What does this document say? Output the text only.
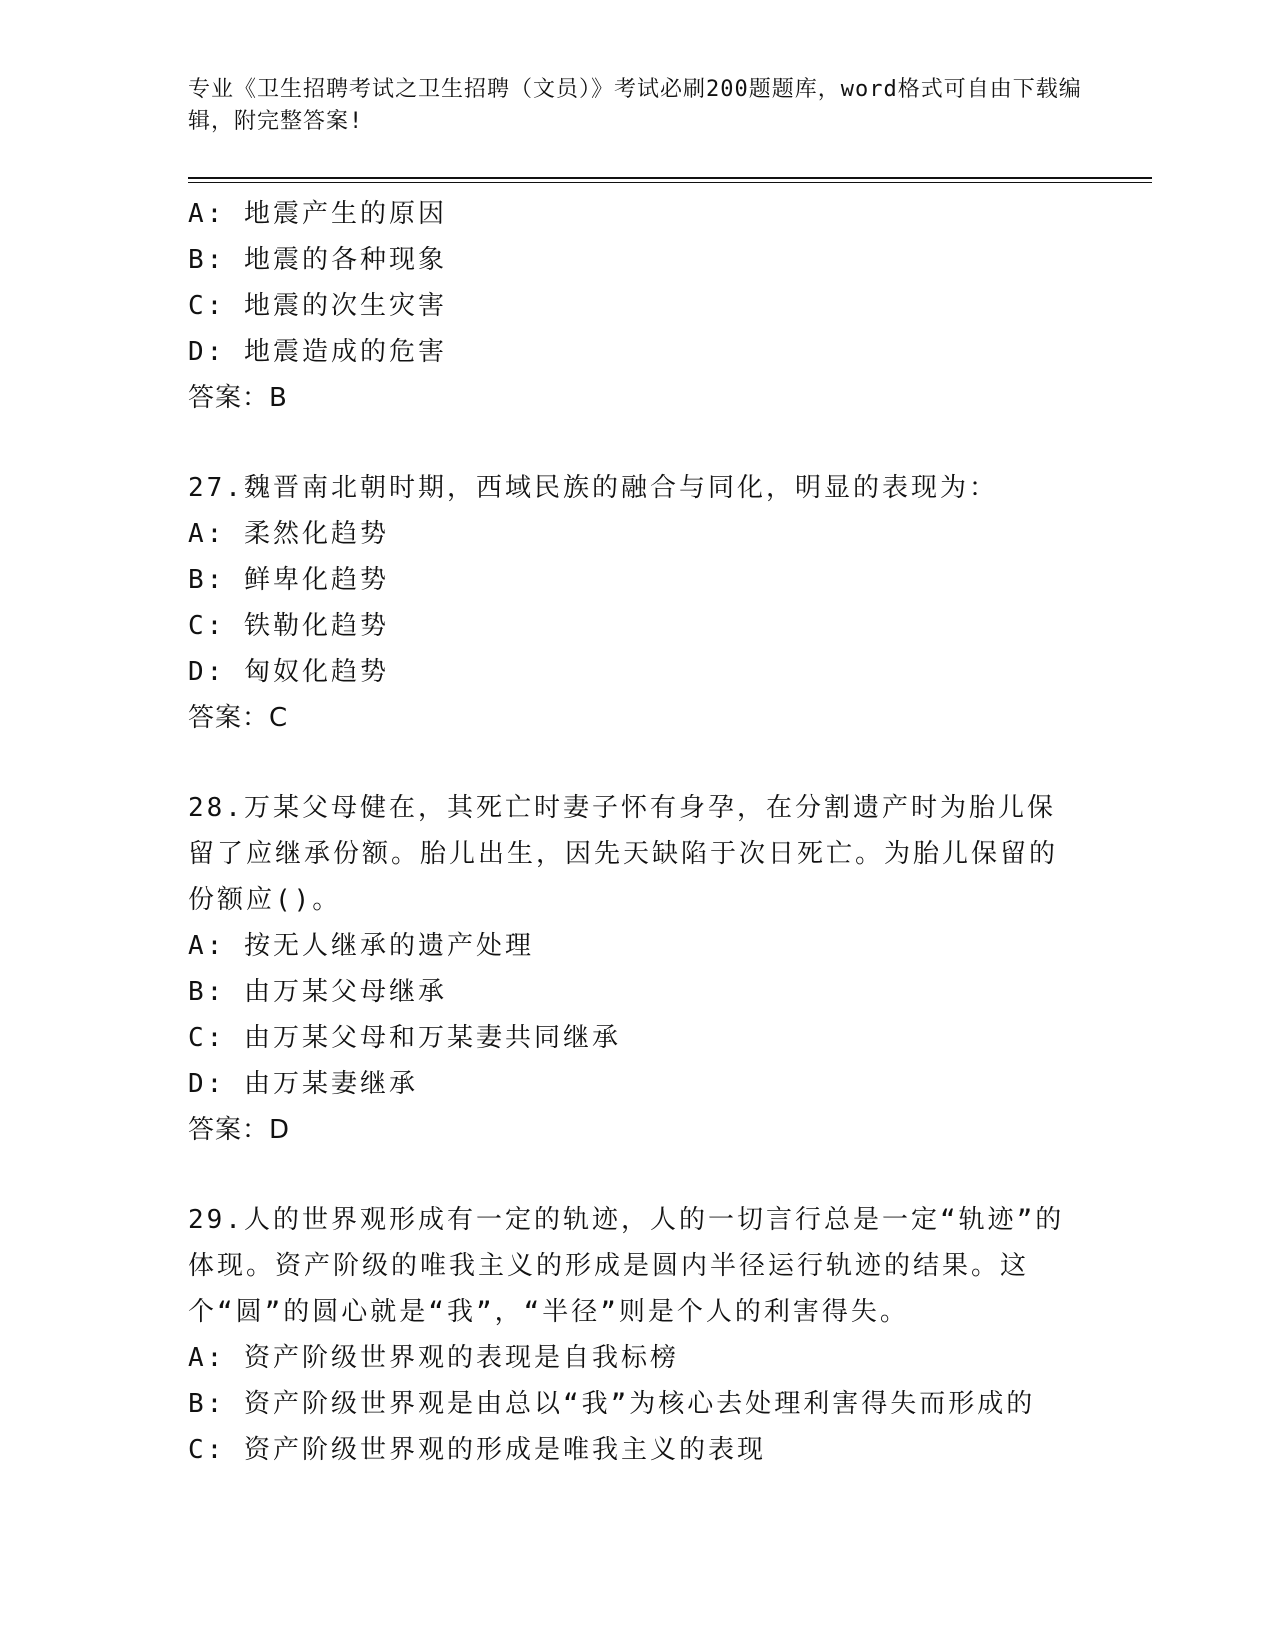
专业《卫生招聘考试之卫生招聘（文员）》考试必刷200题题库，word格式可自由下载编辑，附完整答案!
A: 地震产生的原因
B: 地震的各种现象
C: 地震的次生灾害
D: 地震造成的危害
答案：B
27.魏晋南北朝时期，西域民族的融合与同化，明显的表现为：
A: 柔然化趋势
B: 鲜卑化趋势
C: 铁勒化趋势
D: 匈奴化趋势
答案：C
28.万某父母健在，其死亡时妻子怀有身孕，在分割遗产时为胎儿保留了应继承份额。胎儿出生，因先天缺陷于次日死亡。为胎儿保留的份额应()。
A: 按无人继承的遗产处理
B: 由万某父母继承
C: 由万某父母和万某妻共同继承
D: 由万某妻继承
答案：D
29.人的世界观形成有一定的轨迹，人的一切言行总是一定“轨迹”的体现。资产阶级的唯我主义的形成是圆内半径运行轨迹的结果。这个“圆”的圆心就是“我”，“半径”则是个人的利害得失。
A: 资产阶级世界观的表现是自我标榜
B: 资产阶级世界观是由总以“我”为核心去处理利害得失而形成的
C: 资产阶级世界观的形成是唯我主义的表现
